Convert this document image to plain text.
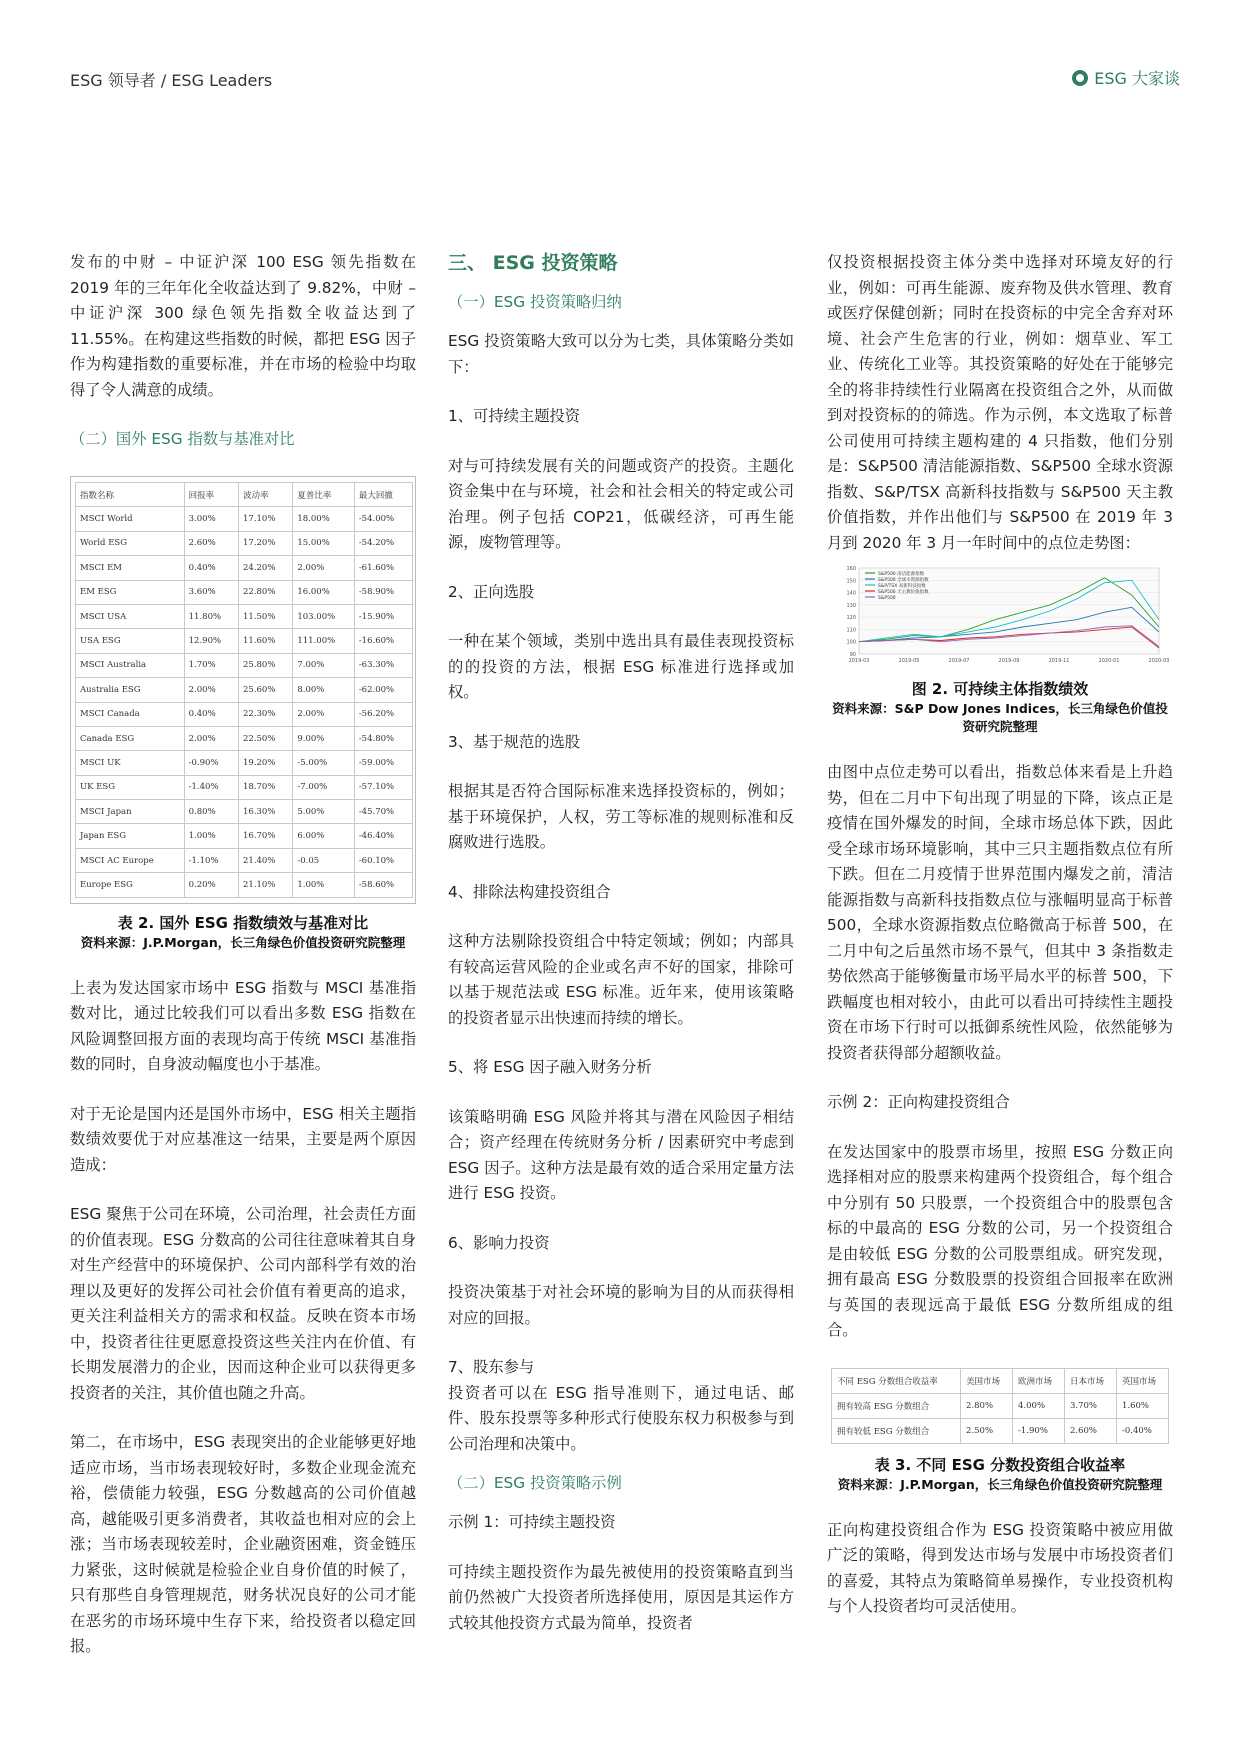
ESG 领导者 / ESG Leaders	ESG 大家谈

发布的中财 – 中证沪深 100 ESG 领先指数在 2019 年的三年年化全收益达到了 9.82%，中财 – 中证沪深 300 绿色领先指数全收益达到了 11.55%。在构建这些指数的时候，都把 ESG 因子作为构建指数的重要标准，并在市场的检验中均取得了令人满意的成绩。

（二）国外 ESG 指数与基准对比
指数名称	回报率	波动率	夏普比率	最大回撤
MSCI World	3.00%	17.10%	18.00%	-54.00%
World ESG	2.60%	17.20%	15.00%	-54.20%
MSCI EM	0.40%	24.20%	2.00%	-61.60%
EM ESG	3.60%	22.80%	16.00%	-58.90%
MSCI USA	11.80%	11.50%	103.00%	-15.90%
USA ESG	12.90%	11.60%	111.00%	-16.60%
MSCI Australia	1.70%	25.80%	7.00%	-63.30%
Australia ESG	2.00%	25.60%	8.00%	-62.00%
MSCI Canada	0.40%	22.30%	2.00%	-56.20%
Canada ESG	2.00%	22.50%	9.00%	-54.80%
MSCI UK	-0.90%	19.20%	-5.00%	-59.00%
UK ESG	-1.40%	18.70%	-7.00%	-57.10%
MSCI Japan	0.80%	16.30%	5.00%	-45.70%
Japan ESG	1.00%	16.70%	6.00%	-46.40%
MSCI AC Europe	-1.10%	21.40%	-0.05	-60.10%
Europe ESG	0.20%	21.10%	1.00%	-58.60%
表 2. 国外 ESG 指数绩效与基准对比
资料来源：J.P.Morgan，长三角绿色价值投资研究院整理

上表为发达国家市场中 ESG 指数与 MSCI 基准指数对比，通过比较我们可以看出多数 ESG 指数在风险调整回报方面的表现均高于传统 MSCI 基准指数的同时，自身波动幅度也小于基准。

对于无论是国内还是国外市场中，ESG 相关主题指数绩效要优于对应基准这一结果，主要是两个原因造成：

ESG 聚焦于公司在环境，公司治理，社会责任方面的价值表现。ESG 分数高的公司往往意味着其自身对生产经营中的环境保护、公司内部科学有效的治理以及更好的发挥公司社会价值有着更高的追求，更关注利益相关方的需求和权益。反映在资本市场中，投资者往往更愿意投资这些关注内在价值、有长期发展潜力的企业，因而这种企业可以获得更多投资者的关注，其价值也随之升高。

第二，在市场中，ESG 表现突出的企业能够更好地适应市场，当市场表现较好时，多数企业现金流充裕，偿债能力较强，ESG 分数越高的公司价值越高，越能吸引更多消费者，其收益也相对应的会上涨；当市场表现较差时，企业融资困难，资金链压力紧张，这时候就是检验企业自身价值的时候了，只有那些自身管理规范，财务状况良好的公司才能在恶劣的市场环境中生存下来，给投资者以稳定回报。

三、 ESG 投资策略
（一）ESG 投资策略归纳

ESG 投资策略大致可以分为七类，具体策略分类如下：

1、可持续主题投资

对与可持续发展有关的问题或资产的投资。主题化资金集中在与环境，社会和社会相关的特定或公司治理。例子包括 COP21，低碳经济，可再生能源，废物管理等。

2、正向选股

一种在某个领域，类别中选出具有最佳表现投资标的的投资的方法，根据 ESG 标准进行选择或加权。

3、基于规范的选股

根据其是否符合国际标准来选择投资标的，例如；基于环境保护，人权，劳工等标准的规则标准和反腐败进行选股。

4、排除法构建投资组合

这种方法剔除投资组合中特定领域；例如；内部具有较高运营风险的企业或名声不好的国家，排除可以基于规范法或 ESG 标准。近年来，使用该策略的投资者显示出快速而持续的增长。

5、将 ESG 因子融入财务分析

该策略明确 ESG 风险并将其与潜在风险因子相结合；资产经理在传统财务分析 / 因素研究中考虑到 ESG 因子。这种方法是最有效的适合采用定量方法进行 ESG 投资。

6、影响力投资

投资决策基于对社会环境的影响为目的从而获得相对应的回报。

7、股东参与

投资者可以在 ESG 指导准则下，通过电话、邮件、股东投票等多种形式行使股东权力积极参与到公司治理和决策中。

（二）ESG 投资策略示例
示例 1：可持续主题投资

可持续主题投资作为最先被使用的投资策略直到当前仍然被广大投资者所选择使用，原因是其运作方式较其他投资方式最为简单，投资者

仅投资根据投资主体分类中选择对环境友好的行业，例如：可再生能源、废弃物及供水管理、教育或医疗保健创新；同时在投资标的中完全舍弃对环境、社会产生危害的行业，例如：烟草业、军工业、传统化工业等。其投资策略的好处在于能够完全的将非持续性行业隔离在投资组合之外，从而做到对投资标的的筛选。作为示例，本文选取了标普公司使用可持续主题构建的 4 只指数，他们分别是：S&P500 清洁能源指数、S&P500 全球水资源指数、S&P/TSX 高新科技指数与 S&P500 天主教价值指数，并作出他们与 S&P500 在 2019 年 3 月到 2020 年 3 月一年时间中的点位走势图：

90
100
110
120
130
140
150
160
2019-03	2019-05	2019-07	2019-09	2019-11	2020-01	2020-03
S&P500 清洁能源指数
S&P500 全球水资源指数
S&P/TSX 高新科技指数
S&P500 天主教价值指数
S&P500
图 2. 可持续主体指数绩效
资料来源：S&P Dow Jones Indices，长三角绿色价值投资研究院整理

由图中点位走势可以看出，指数总体来看是上升趋势，但在二月中下旬出现了明显的下降，该点正是疫情在国外爆发的时间，全球市场总体下跌，因此受全球市场环境影响，其中三只主题指数点位有所下跌。但在二月疫情于世界范围内爆发之前，清洁能源指数与高新科技指数点位与涨幅明显高于标普 500，全球水资源指数点位略微高于标普 500，在二月中旬之后虽然市场不景气，但其中 3 条指数走势依然高于能够衡量市场平局水平的标普 500，下跌幅度也相对较小，由此可以看出可持续性主题投资在市场下行时可以抵御系统性风险，依然能够为投资者获得部分超额收益。

示例 2：正向构建投资组合

在发达国家中的股票市场里，按照 ESG 分数正向选择相对应的股票来构建两个投资组合，每个组合中分别有 50 只股票，一个投资组合中的股票包含标的中最高的 ESG 分数的公司，另一个投资组合是由较低 ESG 分数的公司股票组成。研究发现，拥有最高 ESG 分数股票的投资组合回报率在欧洲与英国的表现远高于最低 ESG 分数所组成的组合。

不同 ESG 分数组合收益率	美国市场	欧洲市场	日本市场	英国市场
拥有较高 ESG 分数组合	2.80%	4.00%	3.70%	1.60%
拥有较低 ESG 分数组合	2.50%	-1.90%	2.60%	-0.40%
表 3. 不同 ESG 分数投资组合收益率
资料来源：J.P.Morgan，长三角绿色价值投资研究院整理

正向构建投资组合作为 ESG 投资策略中被应用做广泛的策略，得到发达市场与发展中市场投资者们的喜爱，其特点为策略简单易操作，专业投资机构与个人投资者均可灵活使用。
